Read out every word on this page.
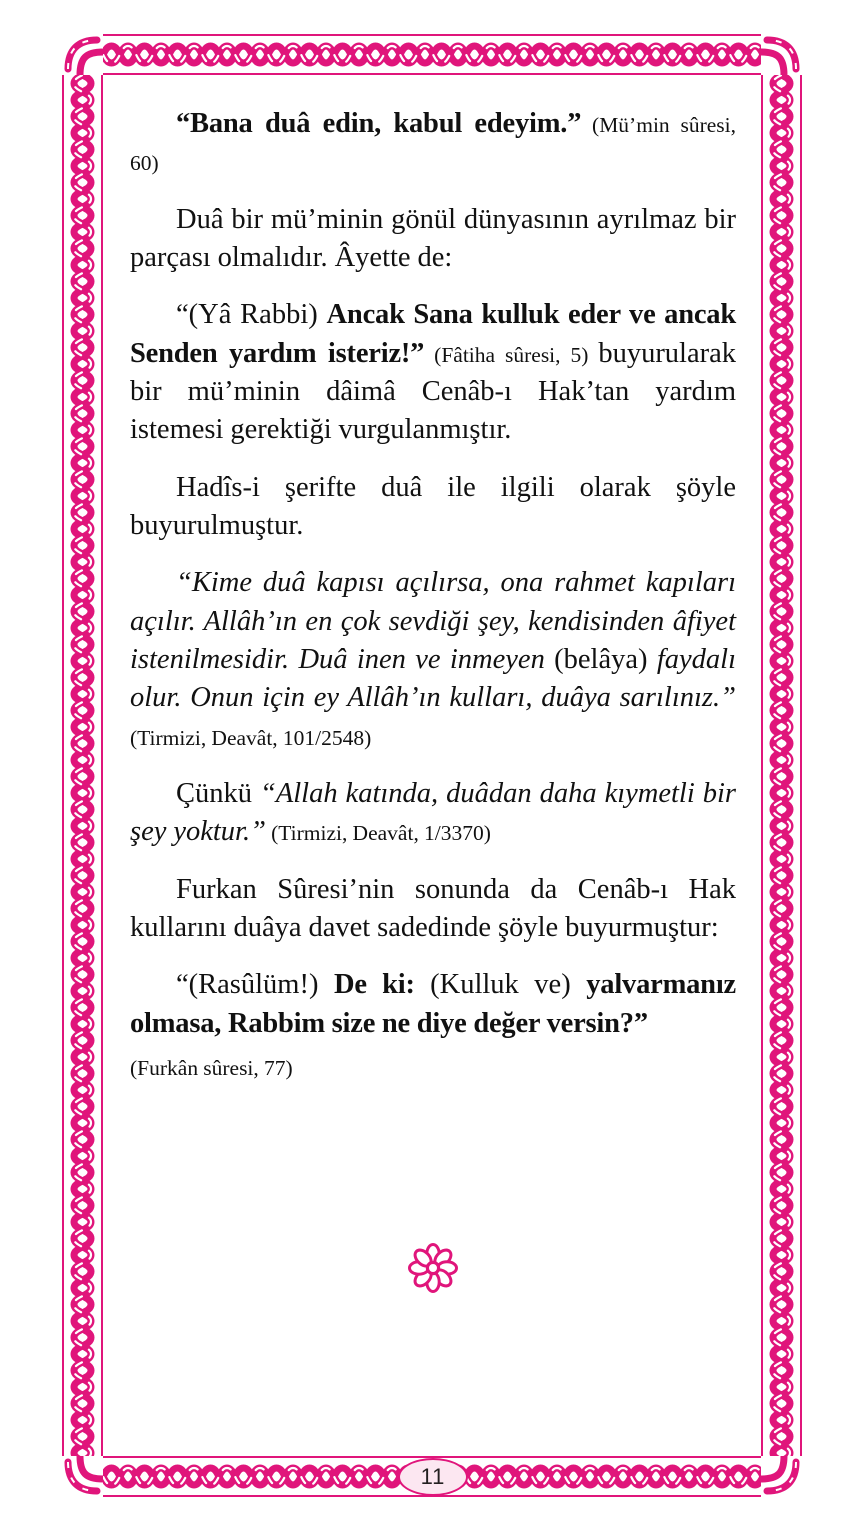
“Bana duâ edin, kabul edeyim.” (Mü’min sûresi, 60)

Duâ bir mü’minin gönül dünyasının ayrılmaz bir parçası olmalıdır. Âyette de:

“(Yâ Rabbi) Ancak Sana kulluk eder ve ancak Senden yardım isteriz!” (Fâtiha sûresi, 5) buyurularak bir mü’minin dâimâ Cenâb-ı Hak’tan yardım istemesi gerektiği vurgulanmıştır.

Hadîs-i şerifte duâ ile ilgili olarak şöyle buyurulmuştur.

“Kime duâ kapısı açılırsa, ona rahmet kapıları açılır. Allâh’ın en çok sevdiği şey, kendisinden âfiyet istenilmesidir. Duâ inen ve inmeyen (belâya) faydalı olur. Onun için ey Allâh’ın kulları, duâya sarılınız.” (Tirmizi, Deavât, 101/2548)

Çünkü “Allah katında, duâdan daha kıymetli bir şey yoktur.” (Tirmizi, Deavât, 1/3370)

Furkan Sûresi’nin sonunda da Cenâb-ı Hak kullarını duâya davet sadedinde şöyle buyurmuştur:

“(Rasûlüm!) De ki: (Kulluk ve) yalvarmanız olmasa, Rabbim size ne diye değer versin?”

(Furkân sûresi, 77)

11
